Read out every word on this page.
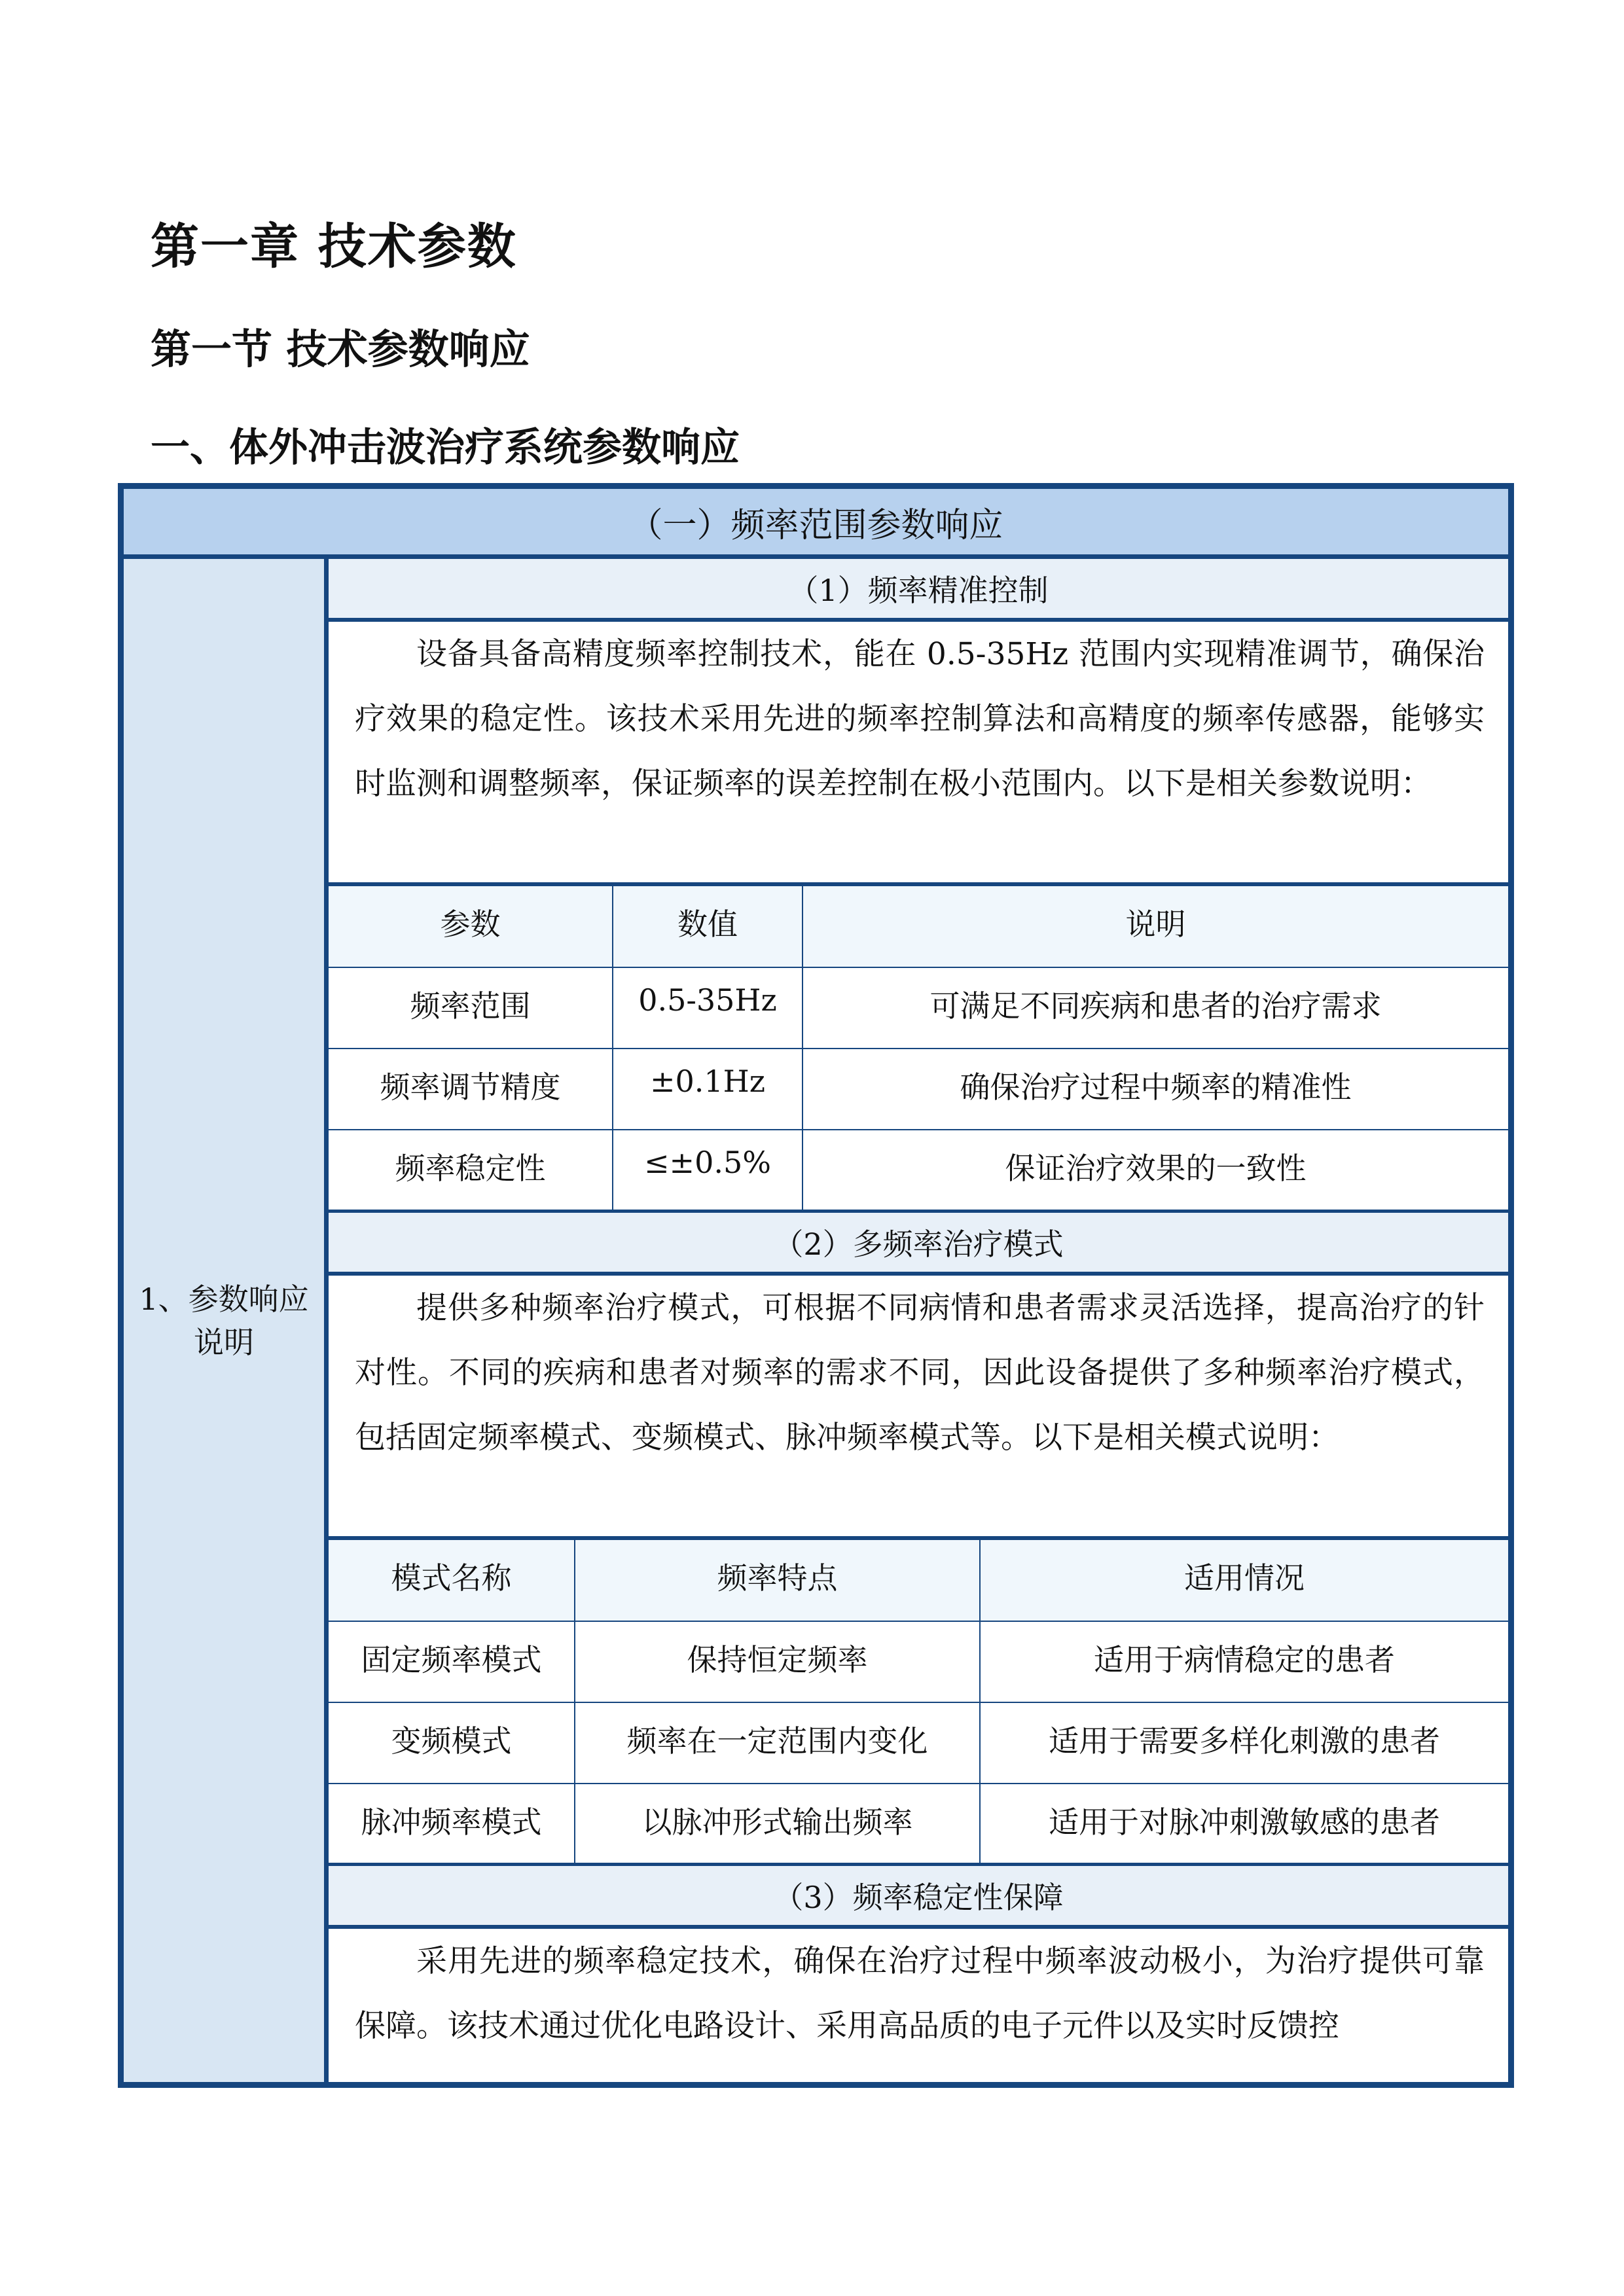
第一章 技术参数
第一节 技术参数响应
一、体外冲击波治疗系统参数响应
（一）频率范围参数响应
1、参数响应说明
（1）频率精准控制
设备具备高精度频率控制技术，能在 0.5-35Hz 范围内实现精准调节，确保治疗效果的稳定性。该技术采用先进的频率控制算法和高精度的频率传感器，能够实时监测和调整频率，保证频率的误差控制在极小范围内。以下是相关参数说明：
参数	数值	说明
频率范围	0.5-35Hz	可满足不同疾病和患者的治疗需求
频率调节精度	±0.1Hz	确保治疗过程中频率的精准性
频率稳定性	≤±0.5%	保证治疗效果的一致性
（2）多频率治疗模式
提供多种频率治疗模式，可根据不同病情和患者需求灵活选择，提高治疗的针对性。不同的疾病和患者对频率的需求不同，因此设备提供了多种频率治疗模式，包括固定频率模式、变频模式、脉冲频率模式等。以下是相关模式说明：
模式名称	频率特点	适用情况
固定频率模式	保持恒定频率	适用于病情稳定的患者
变频模式	频率在一定范围内变化	适用于需要多样化刺激的患者
脉冲频率模式	以脉冲形式输出频率	适用于对脉冲刺激敏感的患者
（3）频率稳定性保障
采用先进的频率稳定技术，确保在治疗过程中频率波动极小，为治疗提供可靠保障。该技术通过优化电路设计、采用高品质的电子元件以及实时反馈控
